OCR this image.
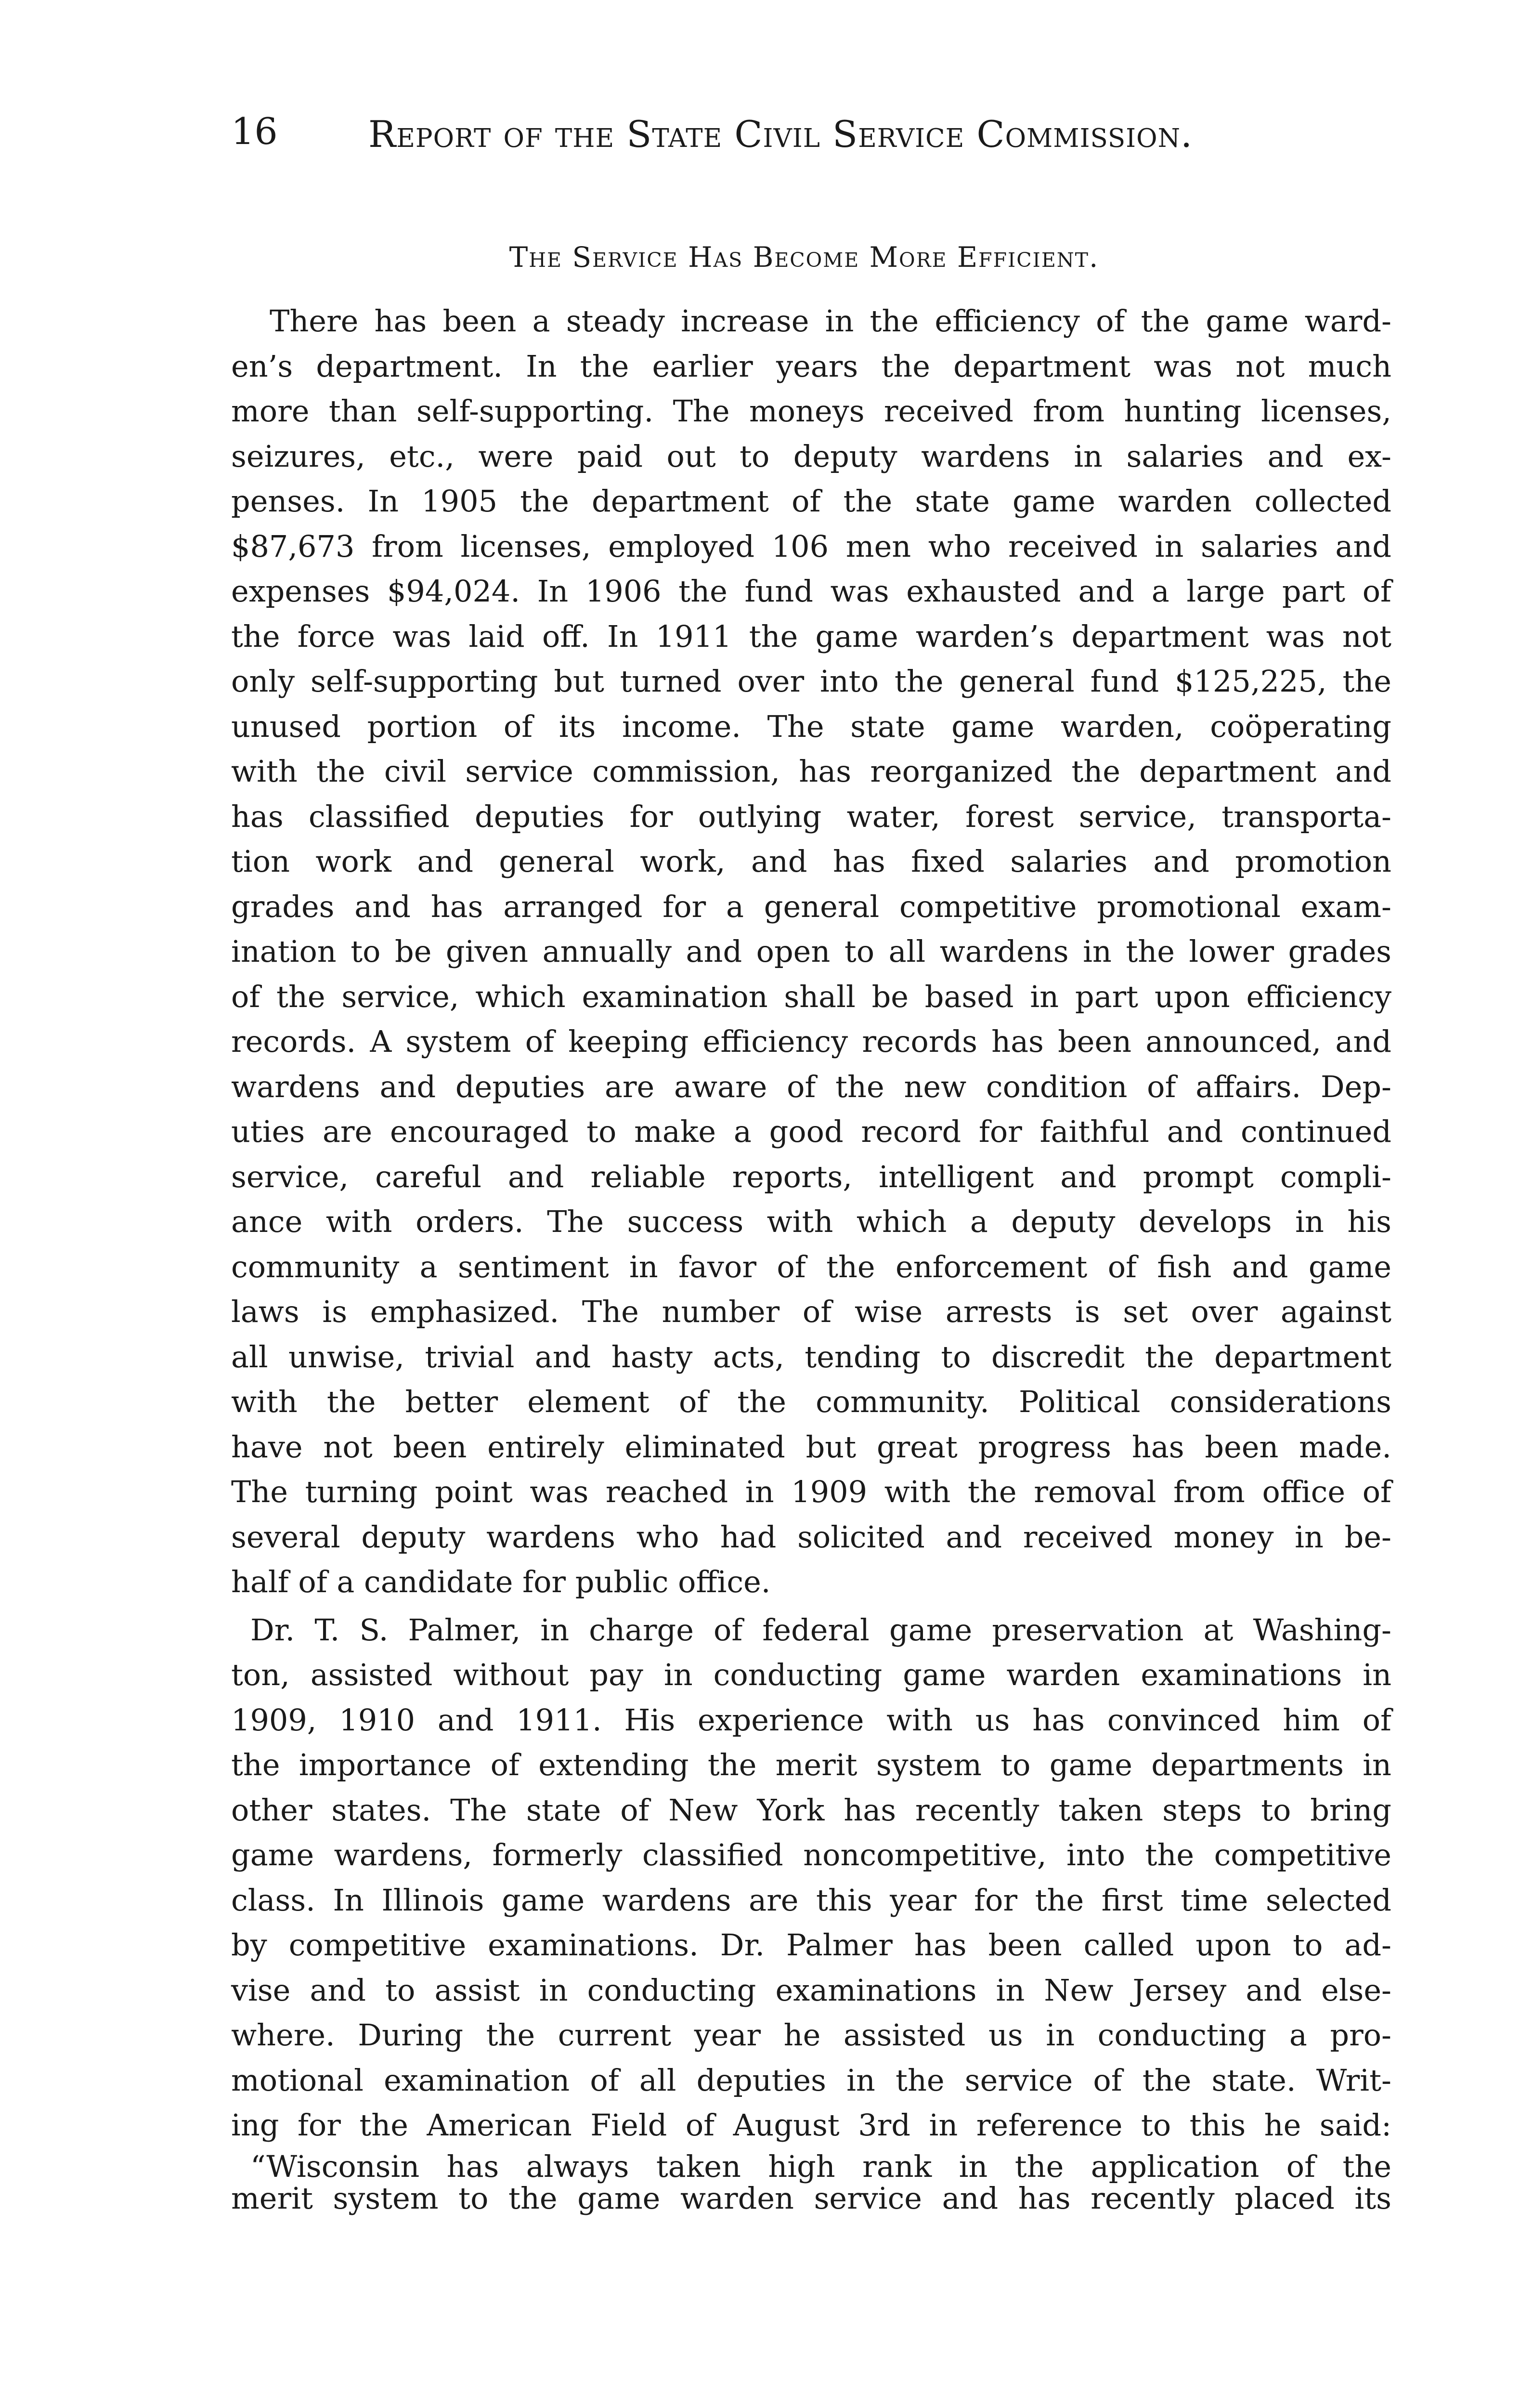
16 Report of the State Civil Service Commission.
The Service Has Become More Efficient.

There has been a steady increase in the efficiency of the game ward-
en’s department. In the earlier years the department was not much
more than self-supporting. The moneys received from hunting licenses,
seizures, etc., were paid out to deputy wardens in salaries and ex-
penses. In 1905 the department of the state game warden collected
$87,673 from licenses, employed 106 men who received in salaries and
expenses $94,024. In 1906 the fund was exhausted and a large part of
the force was laid off. In 1911 the game warden’s department was not
only self-supporting but turned over into the general fund $125,225, the
unused portion of its income. The state game warden, coöperating
with the civil service commission, has reorganized the department and
has classified deputies for outlying water, forest service, transporta-
tion work and general work, and has fixed salaries and promotion
grades and has arranged for a general competitive promotional exam-
ination to be given annually and open to all wardens in the lower grades
of the service, which examination shall be based in part upon efficiency
records. A system of keeping efficiency records has been announced, and
wardens and deputies are aware of the new condition of affairs. Dep-
uties are encouraged to make a good record for faithful and continued
service, careful and reliable reports, intelligent and prompt compli-
ance with orders. The success with which a deputy develops in his
community a sentiment in favor of the enforcement of fish and game
laws is emphasized. The number of wise arrests is set over against
all unwise, trivial and hasty acts, tending to discredit the department
with the better element of the community. Political considerations
have not been entirely eliminated but great progress has been made.
The turning point was reached in 1909 with the removal from office of
several deputy wardens who had solicited and received money in be-
half of a candidate for public office.

Dr. T. S. Palmer, in charge of federal game preservation at Washing-
ton, assisted without pay in conducting game warden examinations in
1909, 1910 and 1911. His experience with us has convinced him of
the importance of extending the merit system to game departments in
other states. The state of New York has recently taken steps to bring
game wardens, formerly classified noncompetitive, into the competitive
class. In Illinois game wardens are this year for the first time selected
by competitive examinations. Dr. Palmer has been called upon to ad-
vise and to assist in conducting examinations in New Jersey and else-
where. During the current year he assisted us in conducting a pro-
motional examination of all deputies in the service of the state. Writ-
ing for the American Field of August 3rd in reference to this he said:

“Wisconsin has always taken high rank in the application of the
merit system to the game warden service and has recently placed its
